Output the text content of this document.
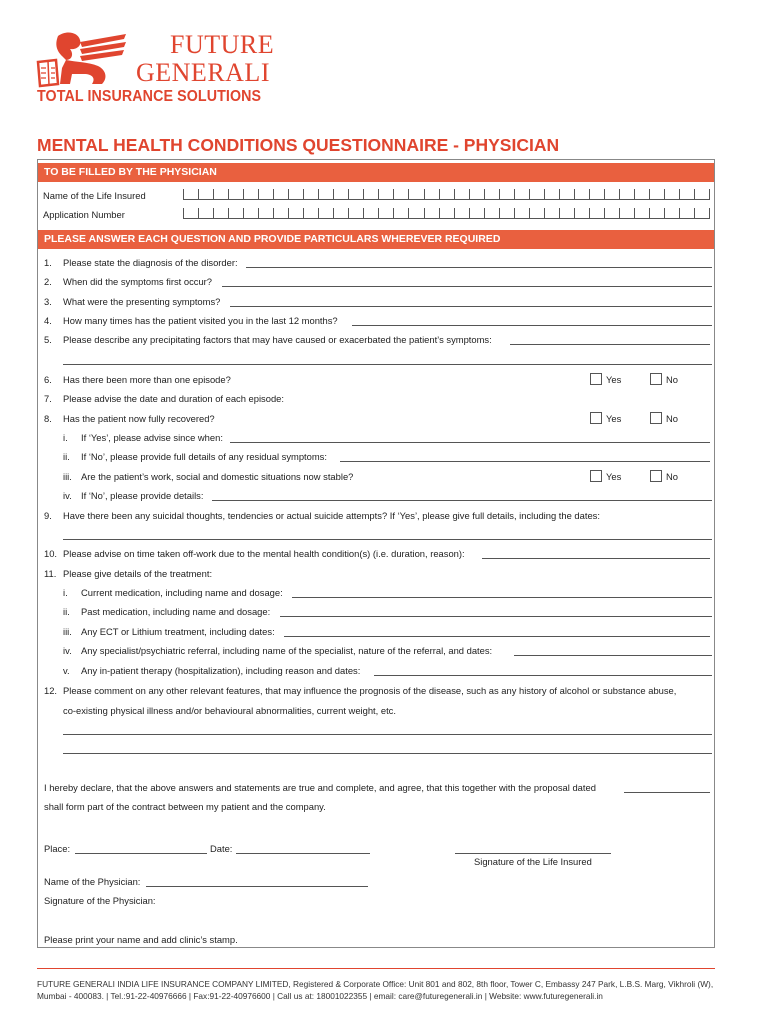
FUTURE
GENERALI
TOTAL INSURANCE SOLUTIONS
MENTAL HEALTH CONDITIONS QUESTIONNAIRE - PHYSICIAN
TO BE FILLED BY THE PHYSICIAN
Name of the Life Insured
Application Number
PLEASE ANSWER EACH QUESTION AND PROVIDE PARTICULARS WHEREVER REQUIRED
1. Please state the diagnosis of the disorder:
2. When did the symptoms first occur?
3. What were the presenting symptoms?
4. How many times has the patient visited you in the last 12 months?
5. Please describe any precipitating factors that may have caused or exacerbated the patient’s symptoms:
6. Has there been more than one episode?	Yes	No
7. Please advise the date and duration of each episode:
8. Has the patient now fully recovered?	Yes	No
i. If ‘Yes’, please advise since when:
ii. If ‘No’, please provide full details of any residual symptoms:
iii. Are the patient’s work, social and domestic situations now stable?	Yes	No
iv. If ‘No’, please provide details:
9. Have there been any suicidal thoughts, tendencies or actual suicide attempts? If ‘Yes’, please give full details, including the dates:
10. Please advise on time taken off-work due to the mental health condition(s) (i.e. duration, reason):
11. Please give details of the treatment:
i. Current medication, including name and dosage:
ii. Past medication, including name and dosage:
iii. Any ECT or Lithium treatment, including dates:
iv. Any specialist/psychiatric referral, including name of the specialist, nature of the referral, and dates:
v. Any in-patient therapy (hospitalization), including reason and dates:
12. Please comment on any other relevant features, that may influence the prognosis of the disease, such as any history of alcohol or substance abuse,
co-existing physical illness and/or behavioural abnormalities, current weight, etc.
I hereby declare, that the above answers and statements are true and complete, and agree, that this together with the proposal dated
shall form part of the contract between my patient and the company.
Place:	Date:
Signature of the Life Insured
Name of the Physician:
Signature of the Physician:
Please print your name and add clinic’s stamp.
FUTURE GENERALI INDIA LIFE INSURANCE COMPANY LIMITED, Registered & Corporate Office: Unit 801 and 802, 8th floor, Tower C, Embassy 247 Park, L.B.S. Marg, Vikhroli (W),
Mumbai - 400083. | Tel.:91-22-40976666 | Fax:91-22-40976600 | Call us at: 18001022355 | email: care@futuregenerali.in | Website: www.futuregenerali.in
